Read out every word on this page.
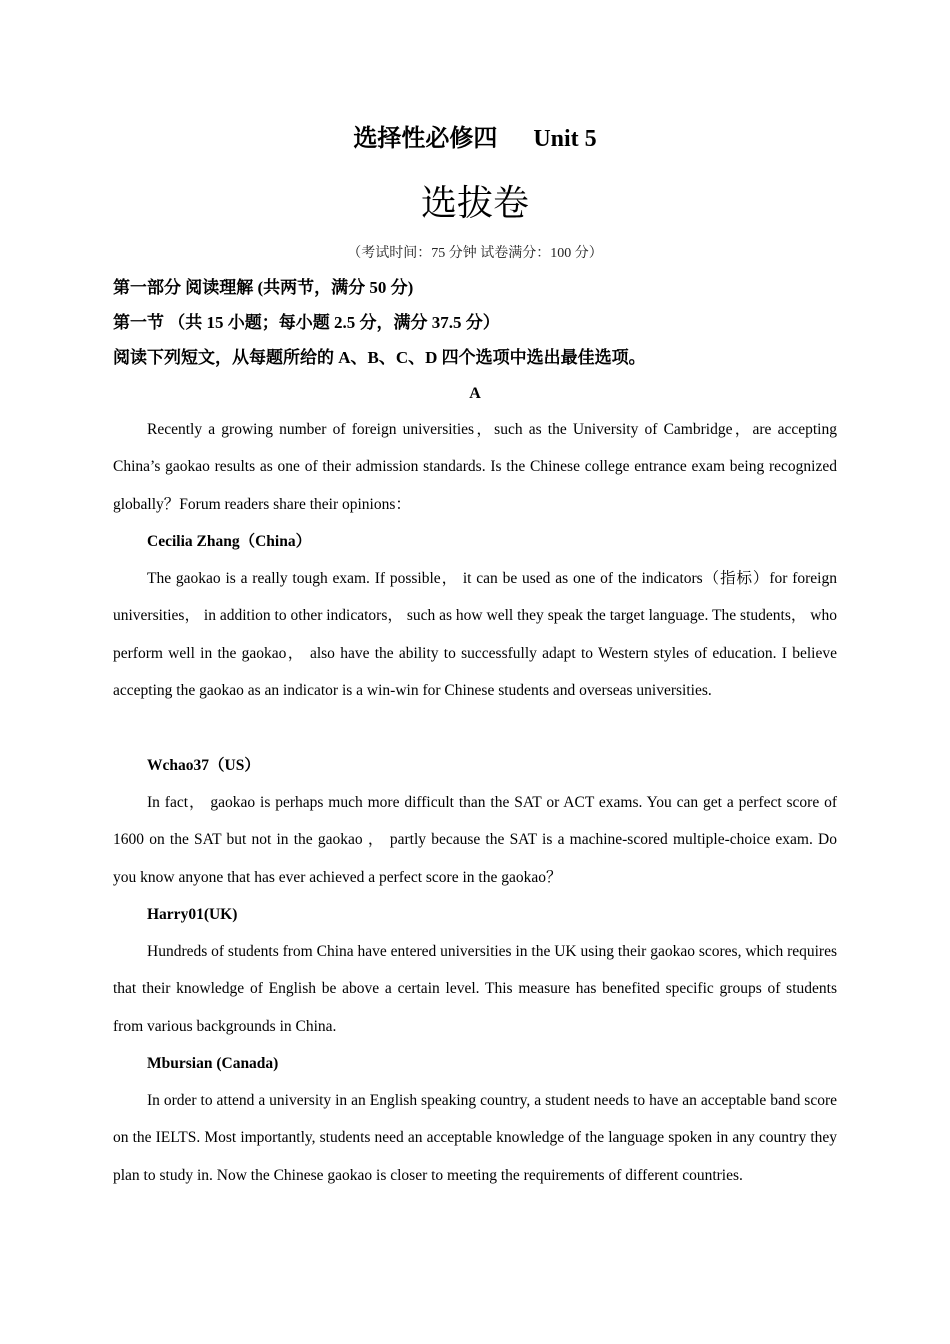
选择性必修四      Unit 5
选拔卷
（考试时间：75 分钟 试卷满分：100 分）
第一部分 阅读理解 (共两节，满分 50 分)
第一节 （共 15 小题；每小题 2.5 分，满分 37.5 分）
阅读下列短文，从每题所给的 A、B、C、D 四个选项中选出最佳选项。
A

Recently a growing number of foreign universities，such as the University of Cambridge，are accepting China’s gaokao results as one of their admission standards. Is the Chinese college entrance exam being recognized globally？Forum readers share their opinions：

Cecilia Zhang（China）

The gaokao is a really tough exam. If possible， it can be used as one of the indicators（指标）for foreign universities， in addition to other indicators， such as how well they speak the target language. The students， who perform well in the gaokao， also have the ability to successfully adapt to Western styles of education. I believe accepting the gaokao as an indicator is a win-win for Chinese students and overseas universities.

Wchao37（US）

In fact， gaokao is perhaps much more difficult than the SAT or ACT exams. You can get a perfect score of 1600 on the SAT but not in the gaokao ， partly because the SAT is a machine-scored multiple-choice exam. Do you know anyone that has ever achieved a perfect score in the gaokao？

Harry01(UK)

Hundreds of students from China have entered universities in the UK using their gaokao scores, which requires that their knowledge of English be above a certain level. This measure has benefited specific groups of students from various backgrounds in China.

Mbursian (Canada)

In order to attend a university in an English speaking country, a student needs to have an acceptable band score on the IELTS. Most importantly, students need an acceptable knowledge of the language spoken in any country they plan to study in. Now the Chinese gaokao is closer to meeting the requirements of different countries.
